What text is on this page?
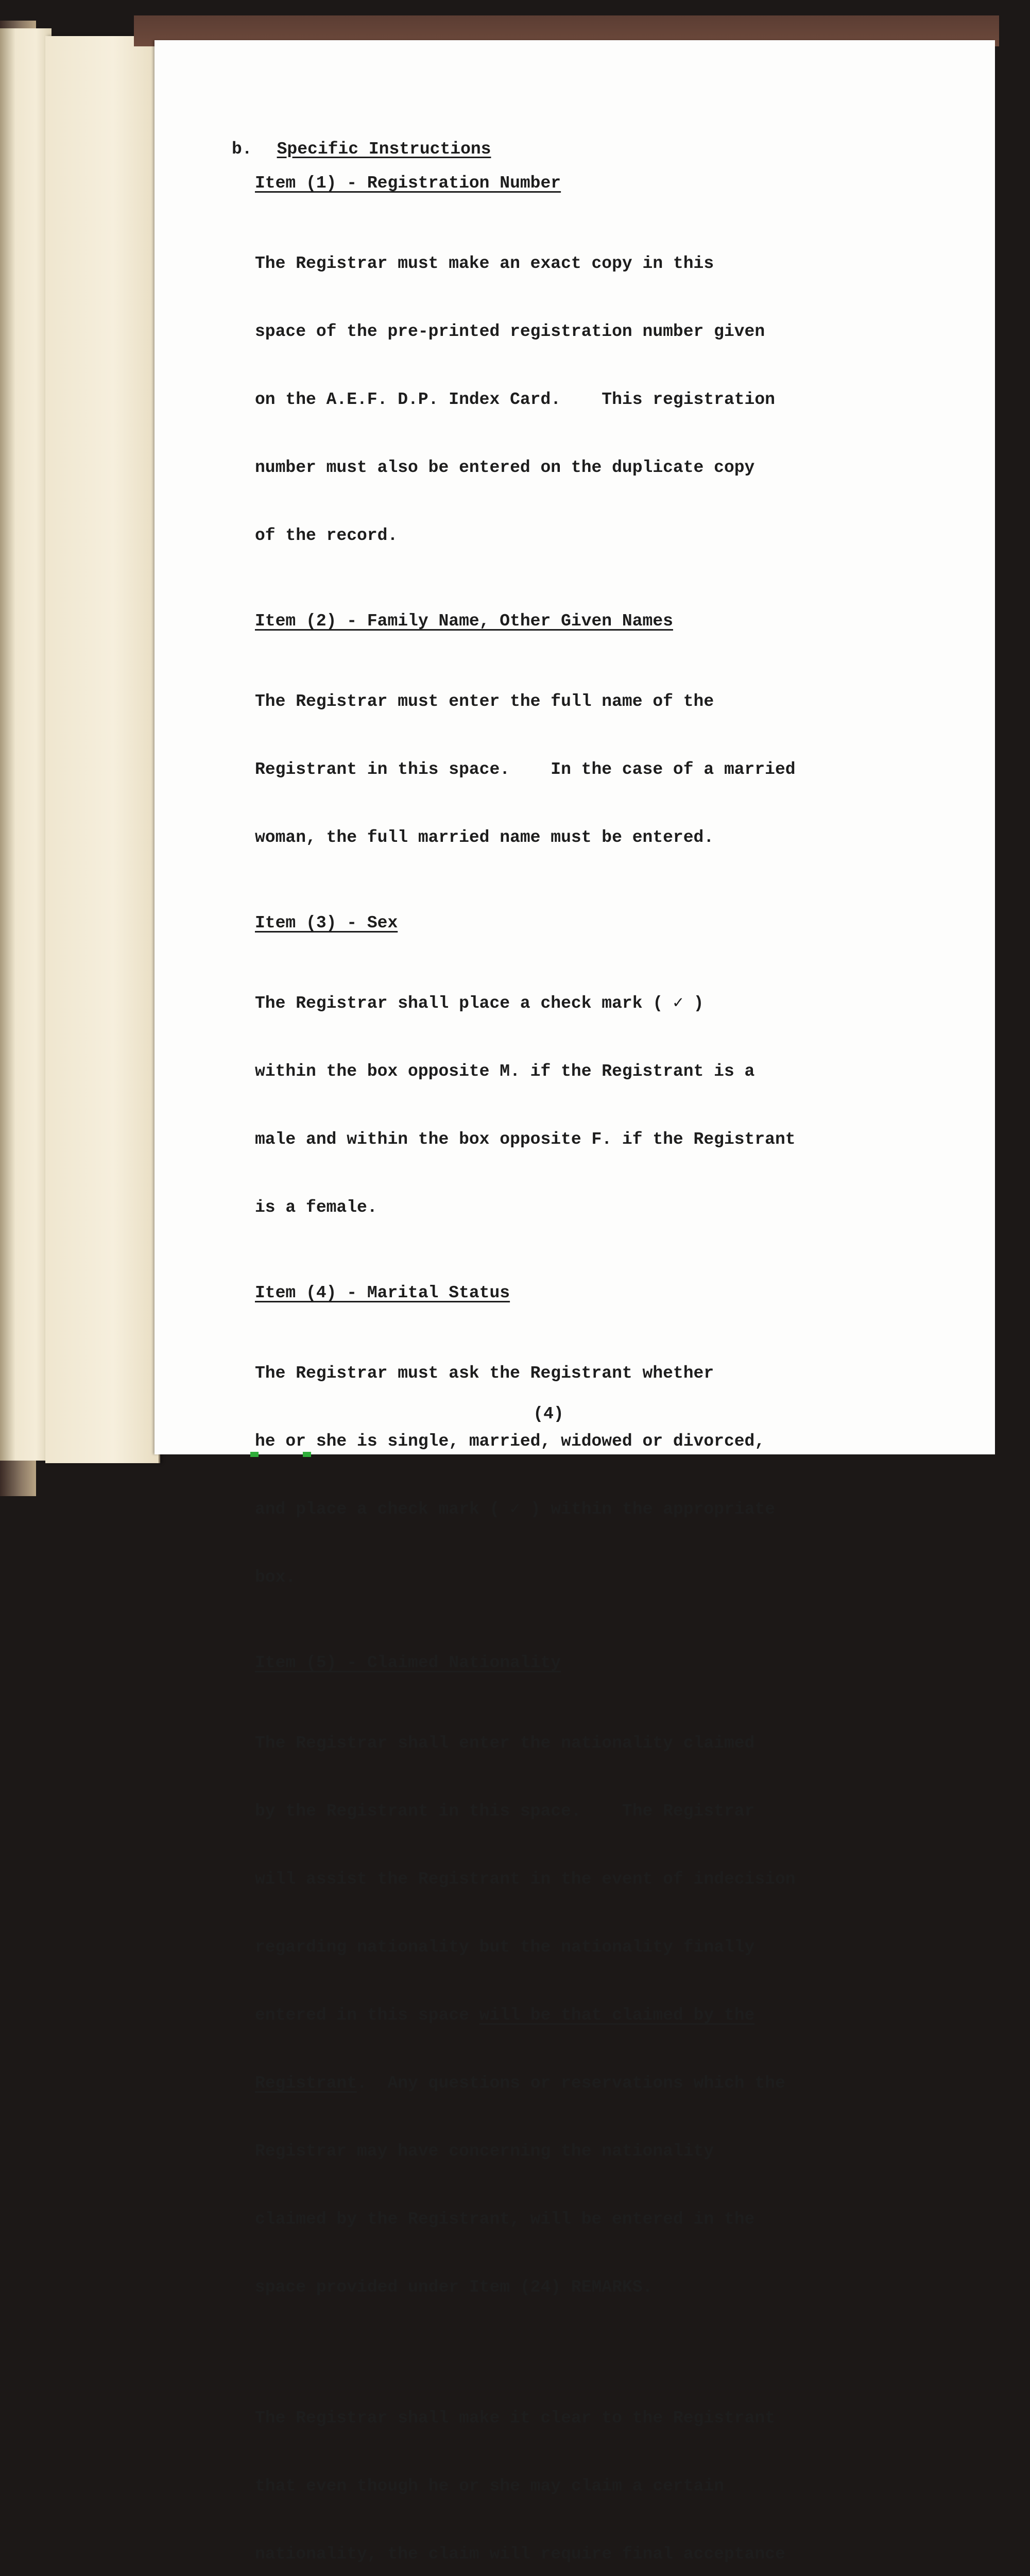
b. Specific Instructions
Item (1) - Registration Number

The Registrar must make an exact copy in this

space of the pre-printed registration number given

on the A.E.F. D.P. Index Card.    This registration

number must also be entered on the duplicate copy

of the record.

Item (2) - Family Name, Other Given Names

The Registrar must enter the full name of the

Registrant in this space.    In the case of a married

woman, the full married name must be entered.

Item (3) - Sex

The Registrar shall place a check mark ( ✓ )

within the box opposite M. if the Registrant is a

male and within the box opposite F. if the Registrant

is a female.

Item (4) - Marital Status

The Registrar must ask the Registrant whether

he or she is single, married, widowed or divorced,

and place a check mark ( ✓ ) within the appropriate

box.

Item (5) - Claimed Nationality

The Registrar shall enter the nationality claimed

by the Registrant in this space.    The Registrar

will assist the Registrant in the event of indecision

regarding nationality but the nationality finally

entered in this space will be that claimed by the

Registrant.  Any questions or reservations which the

Registrar may have concerning the nationality

claimed by the Registrant, will be entered in the

space provided under Item (24) REMARKS.

The Registrar shall make it clear to the Registrant

that even though he or she may claim a certain

nationality, the claim will require final acceptance

(4)
